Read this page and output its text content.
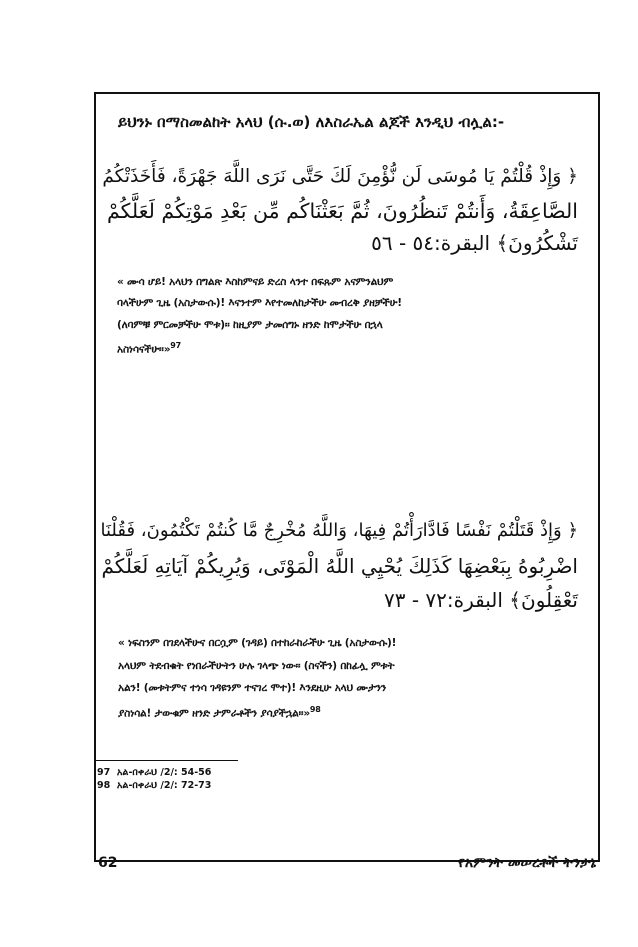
ይህንኑ በማስመልከት አላህ (ሱ.ወ) ለእስራኤል ልጆች እንዲህ ብሏል:-
﴿ وَإِذْ قُلْتُمْ يَا مُوسَى لَن نُّؤْمِنَ لَكَ حَتَّى نَرَى اللَّهَ جَهْرَةً، فَأَخَذَتْكُمُ
الصَّاعِقَةُ، وَأَنتُمْ تَنظُرُونَ، ثُمَّ بَعَثْنَاكُم مِّن بَعْدِ مَوْتِكُمْ لَعَلَّكُمْ
تَشْكُرُونَ﴾ البقرة:٥٤ - ٥٦
« ሙሳ ሆይ! አላህን በግልጽ እስከምናይ ድረስ ላንተ በፍጹም አናምንልህም
ባላችሁም ጊዜ (አስታውሱ)! እናንተም እየተመለከታችሁ መብረቅ ያዘቻችሁ!
(ለባምቹ ምርመቻችሁ ሞቱ)። ከዚያም ታመሰግኑ ዘንድ ከሞታችሁ በኋላ
አስነሳናችሁ።»$^{97}$
﴿ وَإِذْ قَتَلْتُمْ نَفْسًا فَادَّارَأْتُمْ فِيهَا، وَاللَّهُ مُخْرِجٌ مَّا كُنتُمْ تَكْتُمُونَ، فَقُلْنَا
اضْرِبُوهُ بِبَعْضِهَا كَذَلِكَ يُحْيِي اللَّهُ الْمَوْتَى، وَيُرِيكُمْ آيَاتِهِ لَعَلَّكُمْ
تَعْقِلُونَ﴾ البقرة:٧٢ - ٧٣
« ነፍስንም በገደላችሁና በርሷም (ገዳይ) በተከራከራችሁ ጊዜ (አስታውሱ)!
አላህም ትደብቁት የነበራችሁትን ሁሉ ገላጭ ነው። (ስናችን) በከፊሏ ምቱት
አልን! (መቱትምና ተነሳ ገዳዩንም ተናገረ ሞተ)! እንደዚሁ አላህ ሙታንን
ያስነሳል! ታውቁም ዘንድ ታምራቶችን ያሳያችኋል።»$^{98}$
97 አል-በቀራህ /2/: 54-56
98 አል-በቀራህ /2/: 72-73
62	የአምንት መሠረቶች ትንታኔ
